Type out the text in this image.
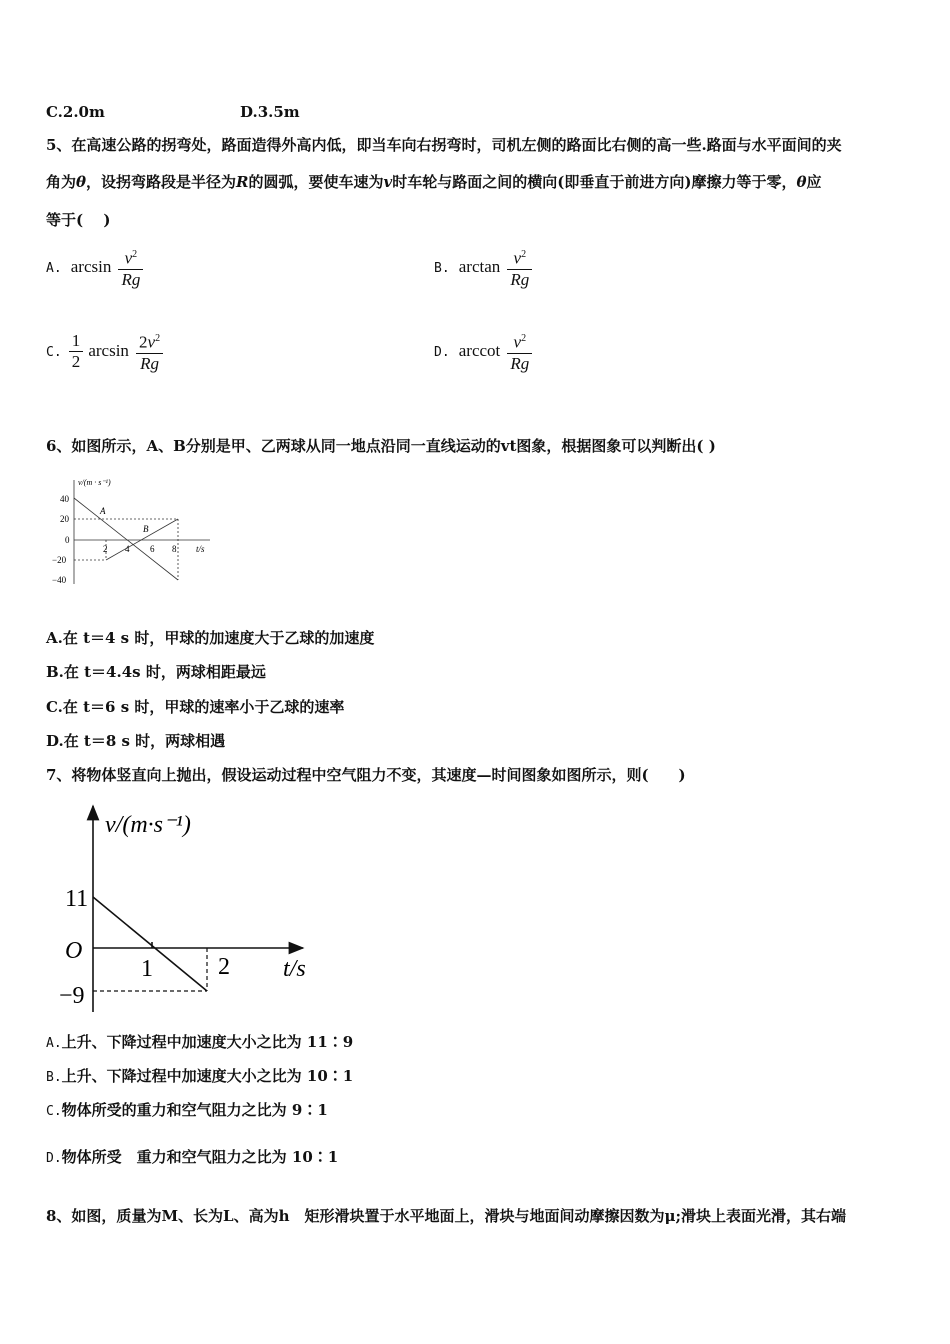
C.2.0m	D.3.5m
5、在高速公路的拐弯处，路面造得外高内低，即当车向右拐弯时，司机左侧的路面比右侧的高一些.路面与水平面间的夹
角为θ，设拐弯路段是半径为R的圆弧，要使车速为v时车轮与路面之间的横向(即垂直于前进方向)摩擦力等于零，θ应
等于(　 )
A. $\arcsin \frac{v^2}{Rg}$	B. $\arctan \frac{v^2}{Rg}$
C. $\frac{1}{2}$ $\arcsin \frac{2v^2}{Rg}$	D. arccot $\frac{v^2}{Rg}$
6、如图所示，A、B分别是甲、乙两球从同一地点沿同一直线运动的vt图象，根据图象可以判断出( )
v/(m · s⁻¹)
40
20
0
−20
−40
2 4 6 8 t/s
A
B
A.在 t＝4 s 时，甲球的加速度大于乙球的加速度
B.在 t＝4.4s 时，两球相距最远
C.在 t＝6 s 时，甲球的速率小于乙球的速率
D.在 t＝8 s 时，两球相遇
7、将物体竖直向上抛出，假设运动过程中空气阻力不变，其速度—时间图象如图所示，则(　　)
v/(m·s⁻¹)
11
O
−9
1	2 t/s
A.上升、下降过程中加速度大小之比为 11∶9
B.上升、下降过程中加速度大小之比为 10∶1
C.物体所受的重力和空气阻力之比为 9∶1
D.物体所受　重力和空气阻力之比为 10∶1
8、如图，质量为M、长为L、高为h　矩形滑块置于水平地面上，滑块与地面间动摩擦因数为μ;滑块上表面光滑，其右端
